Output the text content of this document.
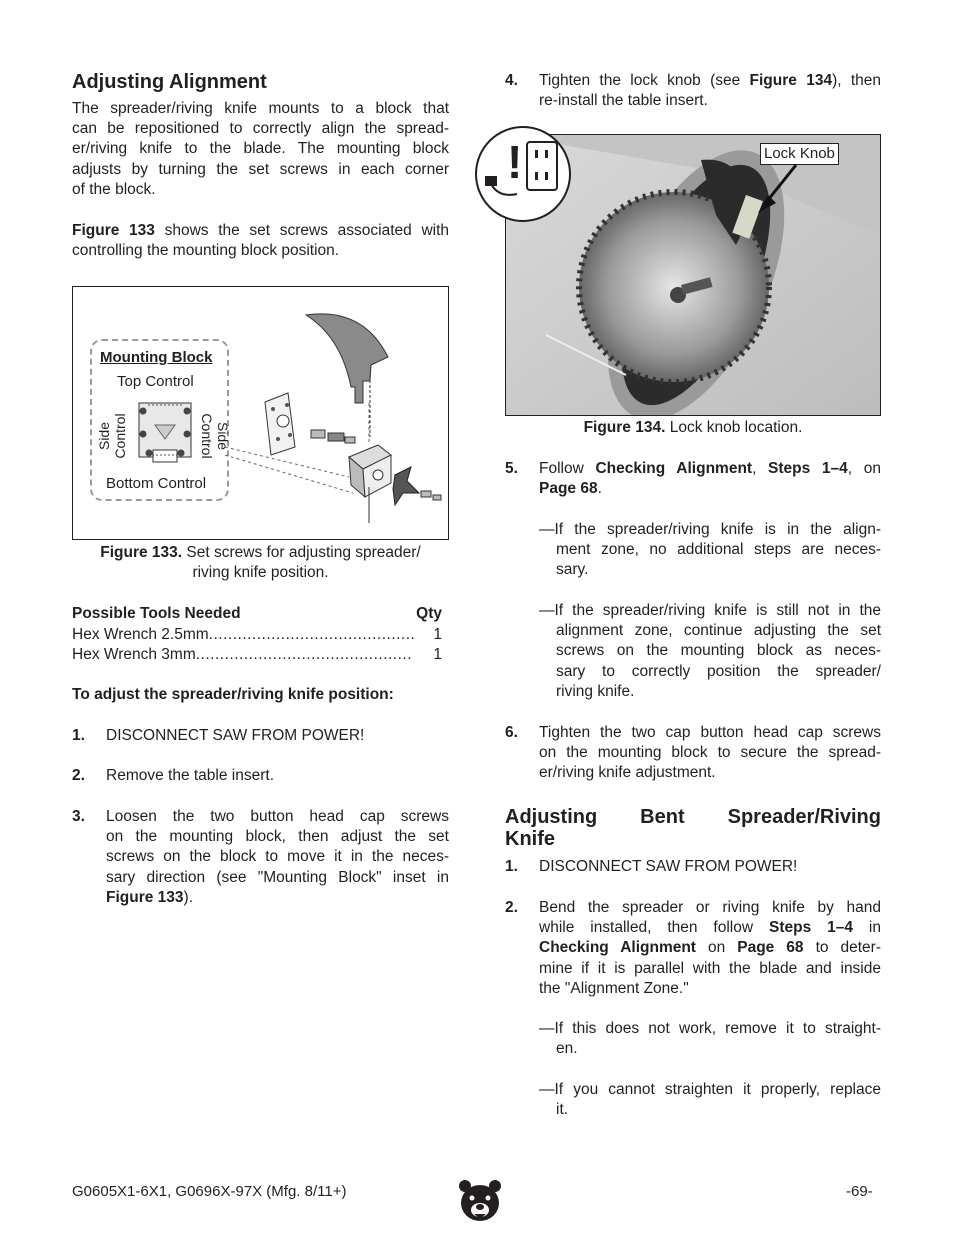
Adjusting Alignment

The spreader/riving knife mounts to a block that
can be repositioned to correctly align the spread-
er/riving knife to the blade. The mounting block
adjusts by turning the set screws in each corner
of the block.

Figure 133 shows the set screws associated with
controlling the mounting block position.

Mounting Block
Top Control
Bottom Control
Side Control	Side
Control
Figure 133. Set screws for adjusting spreader/
riving knife position.
Possible Tools Needed	Qty
Hex Wrench 2.5mm........................................... 1
Hex Wrench 3mm............................................. 1
To adjust the spreader/riving knife position:
1. DISCONNECT SAW FROM POWER!
2. Remove the table insert.
3. Loosen the two button head cap screws
on the mounting block, then adjust the set
screws on the block to move it in the neces-
sary direction (see "Mounting Block" inset in
Figure 133).
4. Tighten the lock knob (see Figure 134), then
re-install the table insert.
Lock Knob
!
Figure 134. Lock knob location.
5. Follow Checking Alignment, Steps 1–4, on
Page 68.
—If the spreader/riving knife is in the align-
ment zone, no additional steps are neces-
sary.
—If the spreader/riving knife is still not in the
alignment zone, continue adjusting the set
screws on the mounting block as neces-
sary to correctly position the spreader/
riving knife.
6. Tighten the two cap button head cap screws
on the mounting block to secure the spread-
er/riving knife adjustment.
Adjusting Bent Spreader/Riving
Knife
1. DISCONNECT SAW FROM POWER!
2. Bend the spreader or riving knife by hand
while installed, then follow Steps 1–4 in
Checking Alignment on Page 68 to deter-
mine if it is parallel with the blade and inside
the "Alignment Zone."
—If this does not work, remove it to straight-
en.
—If you cannot straighten it properly, replace
it.
G0605X1-6X1, G0696X-97X (Mfg. 8/11+)	-69-
